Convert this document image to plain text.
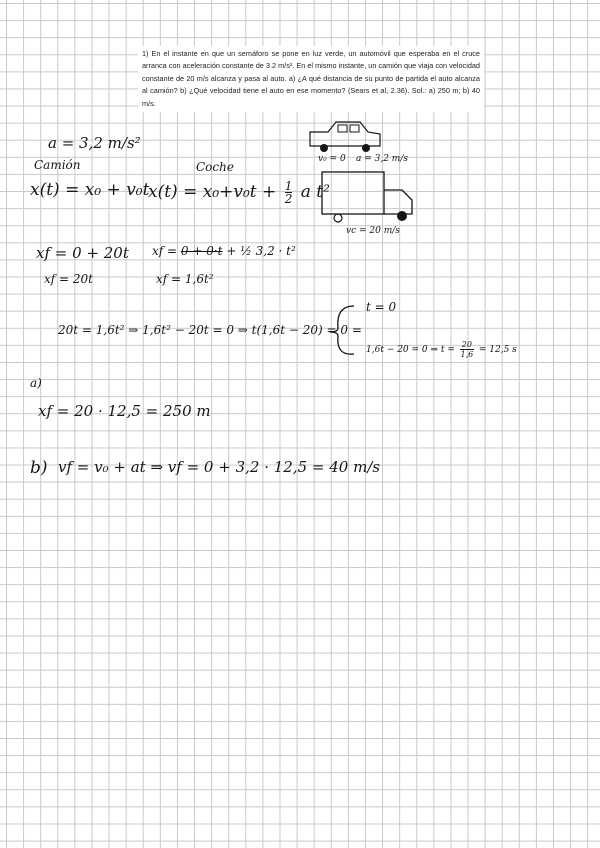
1) En el instante en que un semáforo se pone en luz verde, un automóvil que esperaba en el cruce arranca con aceleración constante de 3.2 m/s². En el mismo instante, un camión que viaja con velocidad constante de 20 m/s alcanza y pasa al auto. a) ¿A qué distancia de su punto de partida el auto alcanza al camión? b) ¿Qué velocidad tiene el auto en ese momento? (Sears et al, 2.36). Sol.: a) 250 m; b) 40 m/s.
a = 3,2 m/s²
Camión	Coche
x(t) = x₀ + v₀t
$x(t) = x_0+v_0t + \frac{1}{2}$ a t²
v₀ = 0 a = 3,2 m/s
vc = 20 m/s
xf = 0 + 20t
xf = 20t
xf = 0 + 0·t + ½ 3,2 · t²
xf = 1,6t²
20t = 1,6t² ⇒ 1,6t² − 20t = 0 ⇒ t(1,6t − 20) = 0 =
t = 0
1,6t − 20 = 0 ⇒ $t = \frac{20}{1,6} = 12,5$ s
a)
xf = 20 · 12,5 = 250 m
b) vf = v₀ + at ⇒ vf = 0 + 3,2 · 12,5 = 40 m/s
